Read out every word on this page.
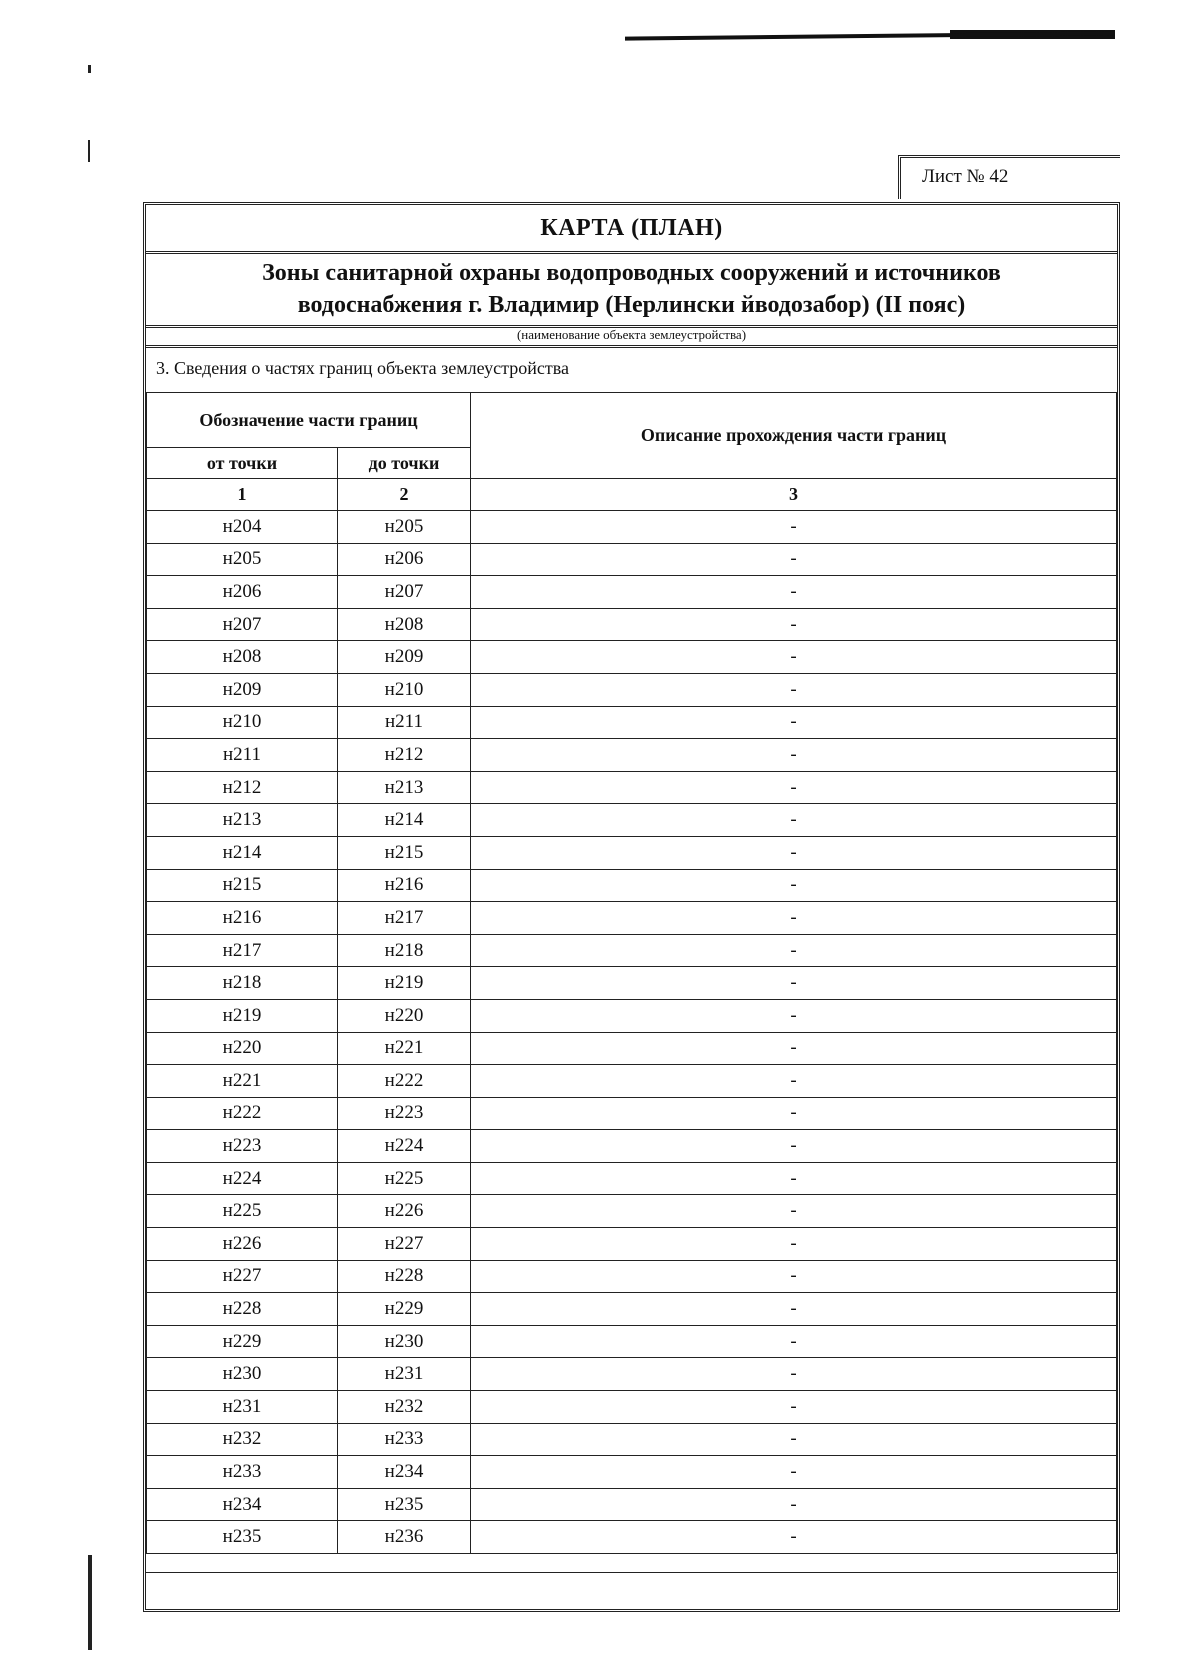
Лист № 42
КАРТА (ПЛАН)
Зоны санитарной охраны водопроводных сооружений и источников
водоснабжения г. Владимир (Нерлински йводозабор) (II пояс)
(наименование объекта землеустройства)
3. Сведения о частях границ объекта землеустройства
Обозначение части границ		Описание прохождения части границ
от точки	до точки	
1	2	3
н204	н205	-
н205	н206	-
н206	н207	-
н207	н208	-
н208	н209	-
н209	н210	-
н210	н211	-
н211	н212	-
н212	н213	-
н213	н214	-
н214	н215	-
н215	н216	-
н216	н217	-
н217	н218	-
н218	н219	-
н219	н220	-
н220	н221	-
н221	н222	-
н222	н223	-
н223	н224	-
н224	н225	-
н225	н226	-
н226	н227	-
н227	н228	-
н228	н229	-
н229	н230	-
н230	н231	-
н231	н232	-
н232	н233	-
н233	н234	-
н234	н235	-
н235	н236	-
